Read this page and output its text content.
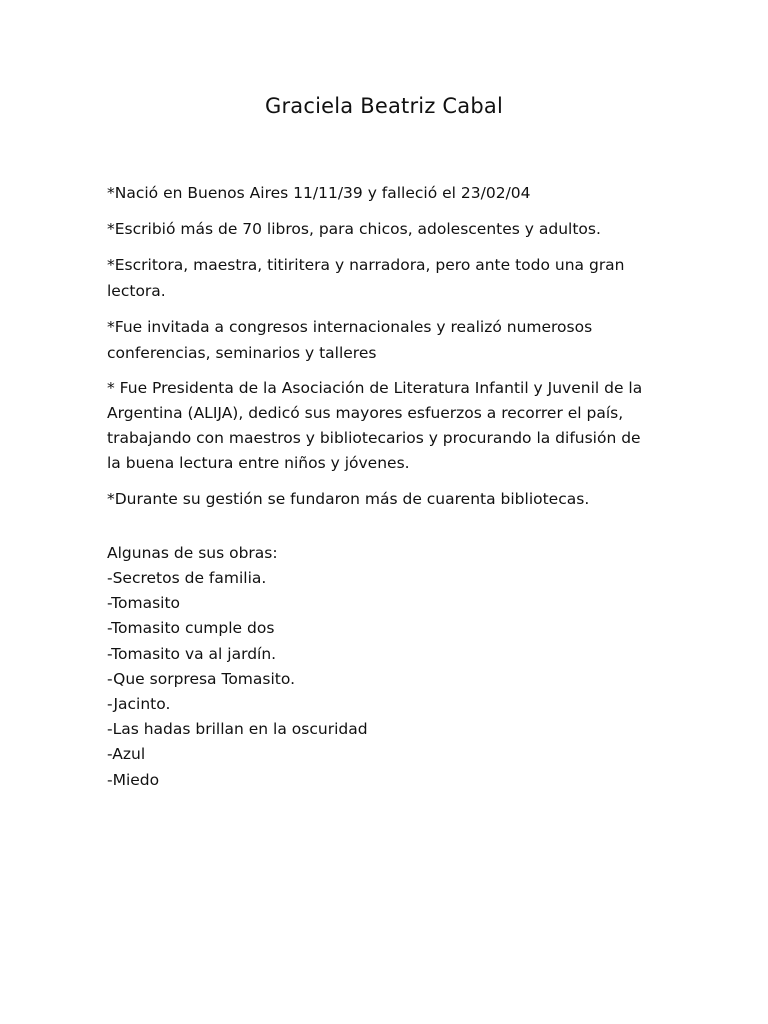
Graciela Beatriz Cabal

*Nació en Buenos Aires 11/11/39 y falleció el 23/02/04

*Escribió más de 70 libros, para chicos, adolescentes y adultos.

*Escritora, maestra, titiritera y narradora, pero ante todo una gran lectora.

*Fue invitada a congresos internacionales y realizó numerosos conferencias, seminarios y talleres

* Fue Presidenta de la Asociación de Literatura Infantil y Juvenil de la Argentina (ALIJA), dedicó sus mayores esfuerzos a recorrer el país, trabajando con maestros y bibliotecarios y procurando la difusión de la buena lectura entre niños y jóvenes.

*Durante su gestión se fundaron más de cuarenta bibliotecas.

Algunas de sus obras:

-Secretos de familia.
-Tomasito
-Tomasito cumple dos
-Tomasito va al jardín.
-Que sorpresa Tomasito.
-Jacinto.
-Las hadas brillan en la oscuridad
-Azul
-Miedo
